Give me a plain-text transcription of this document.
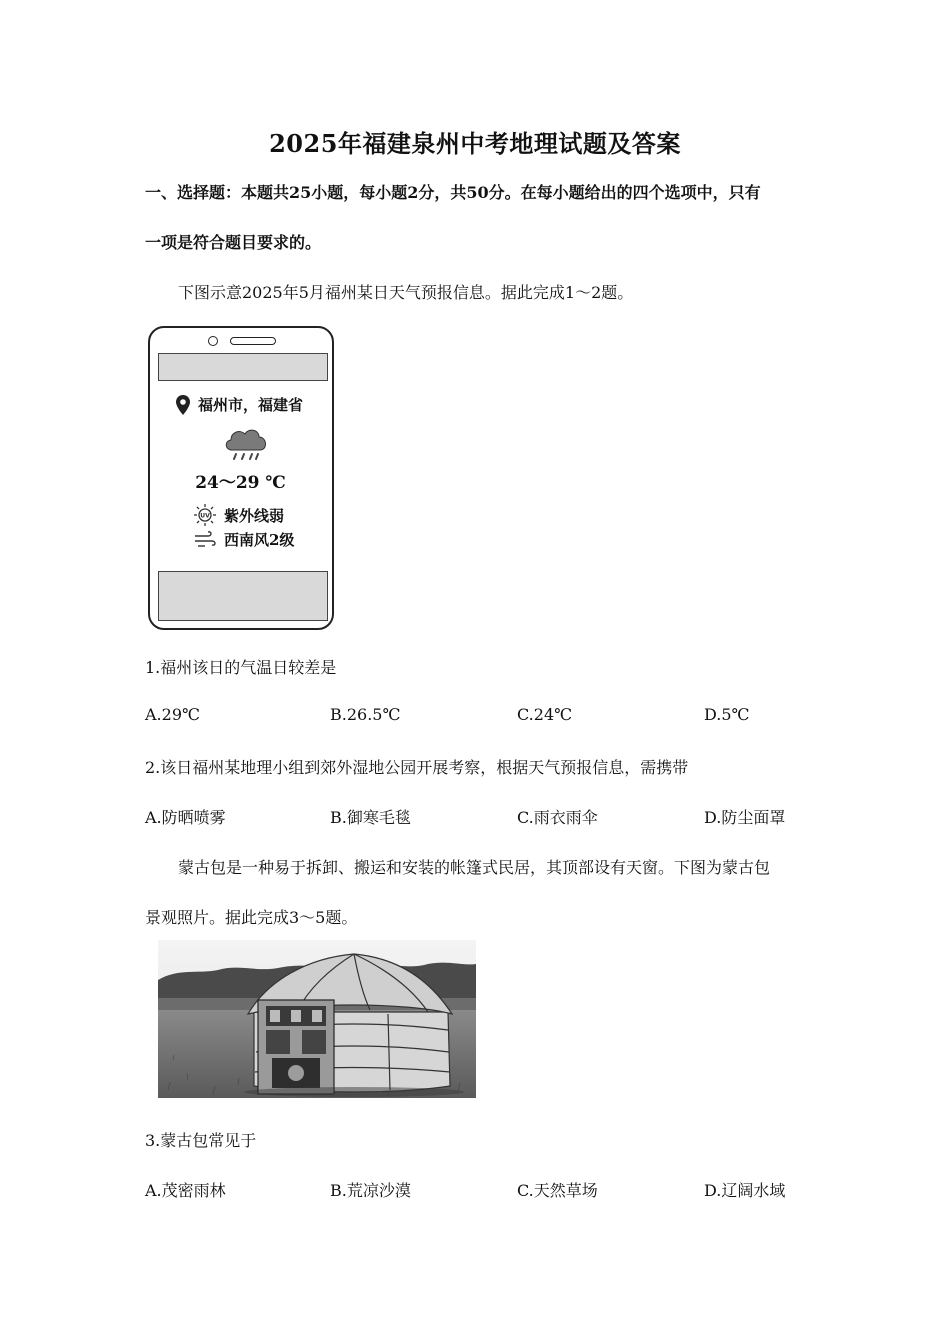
2025年福建泉州中考地理试题及答案
一、选择题：本题共25小题，每小题2分，共50分。在每小题给出的四个选项中，只有
一项是符合题目要求的。
下图示意2025年5月福州某日天气预报信息。据此完成1～2题。
福州市，福建省
24～29 ℃
UV 紫外线弱
西南风2级
1.福州该日的气温日较差是
A.29℃	B.26.5℃	C.24℃	D.5℃
2.该日福州某地理小组到郊外湿地公园开展考察，根据天气预报信息，需携带
A.防晒喷雾	B.御寒毛毯	C.雨衣雨伞	D.防尘面罩
蒙古包是一种易于拆卸、搬运和安装的帐篷式民居，其顶部设有天窗。下图为蒙古包
景观照片。据此完成3～5题。
3.蒙古包常见于
A.茂密雨林	B.荒凉沙漠	C.天然草场	D.辽阔水域
